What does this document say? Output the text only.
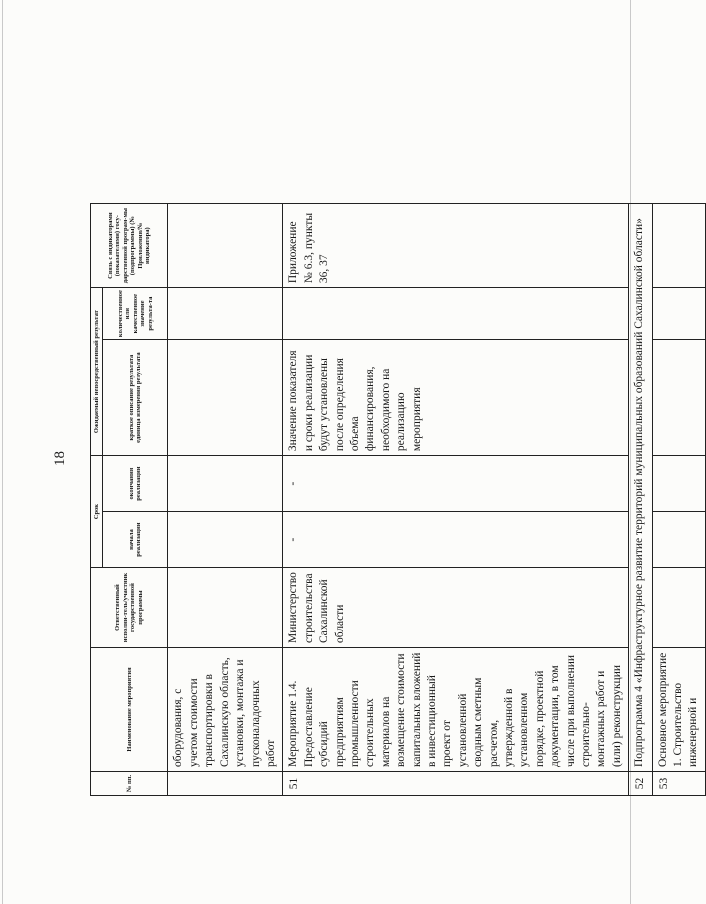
18
№ пп.	Наименование мероприятия	Ответственный исполни-тель/участник государственной программы	Срок		Ожидаемый непосредственный результат		Связь с индикаторами (показателями) госу-дарственной програм-мы (подпрограммы) (№ Приложения/№ индикатора)
			начала реализации	окончания реализации	краткое описание результата единица измерения результата	количественное или качественное значение результа-та	
	оборудования, с учетом стоимости транспортировки в Сахалинскую область, установки, монтажа и пусконаладочных работ						
51	Мероприятие 1.4. Предоставление субсидий предприятиям промышленности строительных материалов на возмещение стоимости капитальных вложений в инвестиционный проект от установленной сводным сметным расчетом, утвержденной в установленном порядке, проектной документации, в том числе при выполнении строительно-монтажных работ и (или) реконструкции	Министерство строительства Сахалинской области	-	-	Значение показателя и сроки реализации будут установлены после определения объема финансирования, необходимого на реализацию мероприятия		Приложение № 6.3, пункты 36, 37
52	Подпрограмма 4 «Инфраструктурное развитие территорий муниципальных образований Сахалинской области»						
53	Основное мероприятие 1. Строительство инженерной и						
